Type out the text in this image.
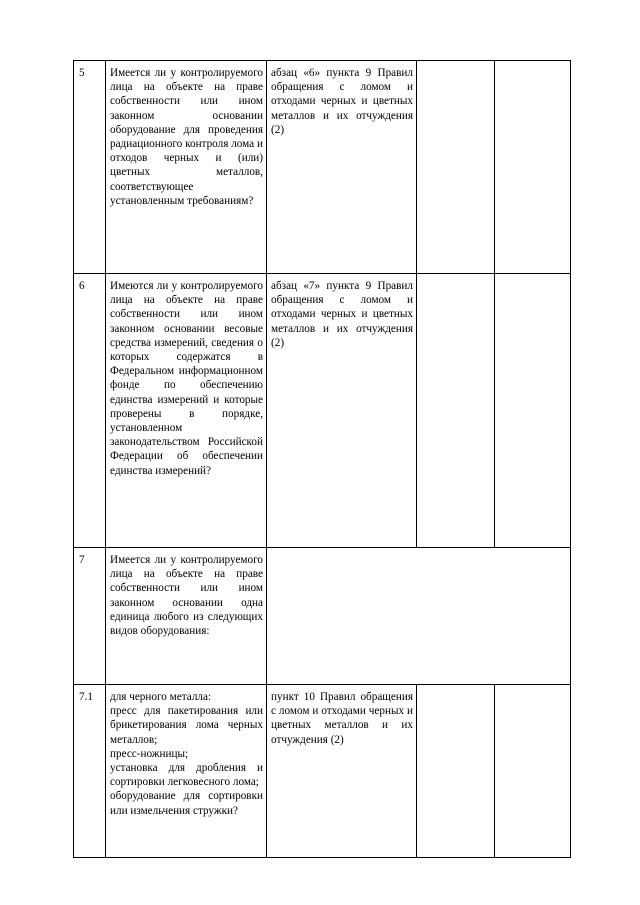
5	Имеется ли у контролируемого лица на объекте на праве собственности или ином законном основании оборудование для проведения радиационного контроля лома и отходов черных и (или) цветных металлов, соответствующее установленным требованиям?	абзац «6» пункта 9 Правил обращения с ломом и отходами черных и цветных металлов и их отчуждения (2)		
6	Имеются ли у контролируемого лица на объекте на праве собственности или ином законном основании весовые средства измерений, сведения о которых содержатся в Федеральном информационном фонде по обеспечению единства измерений и которые проверены в порядке, установленном законодательством Российской Федерации об обеспечении единства измерений?	абзац «7» пункта 9 Правил обращения с ломом и отходами черных и цветных металлов и их отчуждения (2)		
7	Имеется ли у контролируемого лица на объекте на праве собственности или ином законном основании одна единица любого из следующих видов оборудования:			
7.1	для черного металла:
пресс для пакетирования или брикетирования лома черных металлов;
пресс-ножницы;
установка для дробления и сортировки легковесного лома;
оборудование для сортировки или измельчения стружки?	пункт 10 Правил обращения с ломом и отходами черных и цветных металлов и их отчуждения (2)		
